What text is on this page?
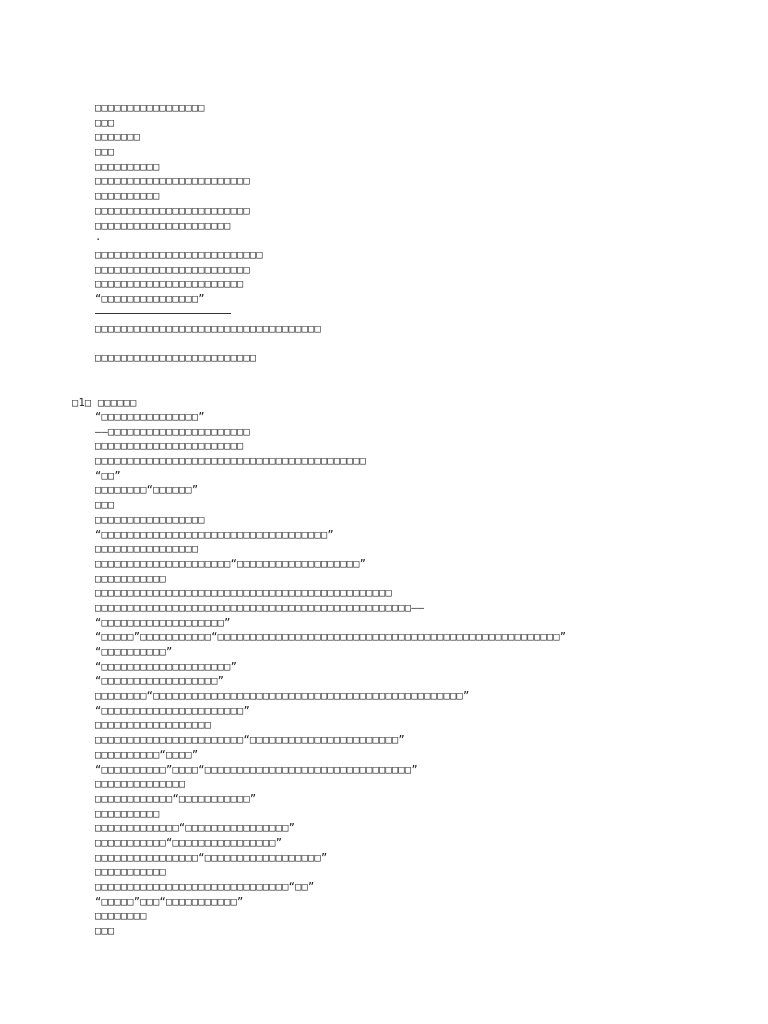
□□□□□□□□□□□□□□□□□
□□□
□□□□□□□
□□□
□□□□□□□□□□
□□□□□□□□□□□□□□□□□□□□□□□□
□□□□□□□□□□
□□□□□□□□□□□□□□□□□□□□□□□□
□□□□□□□□□□□□□□□□□□□□□
·
□□□□□□□□□□□□□□□□□□□□□□□□□□
□□□□□□□□□□□□□□□□□□□□□□□□
□□□□□□□□□□□□□□□□□□□□□□□
“□□□□□□□□□□□□□□□”
□□□□□□□□□□□□□□□□□□□□□□□□□□□□□□□□□□□
□□□□□□□□□□□□□□□□□□□□□□□□□
□1□ □□□□□□
“□□□□□□□□□□□□□□□”
——□□□□□□□□□□□□□□□□□□□□□□
□□□□□□□□□□□□□□□□□□□□□□□
□□□□□□□□□□□□□□□□□□□□□□□□□□□□□□□□□□□□□□□□□□
“□□”
□□□□□□□□“□□□□□□”
□□□
□□□□□□□□□□□□□□□□□
“□□□□□□□□□□□□□□□□□□□□□□□□□□□□□□□□□□□”
□□□□□□□□□□□□□□□□
□□□□□□□□□□□□□□□□□□□□□“□□□□□□□□□□□□□□□□□□□”
□□□□□□□□□□□
□□□□□□□□□□□□□□□□□□□□□□□□□□□□□□□□□□□□□□□□□□□□□□
□□□□□□□□□□□□□□□□□□□□□□□□□□□□□□□□□□□□□□□□□□□□□□□□□——
“□□□□□□□□□□□□□□□□□□□”
“□□□□□”□□□□□□□□□□□“□□□□□□□□□□□□□□□□□□□□□□□□□□□□□□□□□□□□□□□□□□□□□□□□□□□□□”
“□□□□□□□□□□”
“□□□□□□□□□□□□□□□□□□□□”
“□□□□□□□□□□□□□□□□□□”
□□□□□□□□“□□□□□□□□□□□□□□□□□□□□□□□□□□□□□□□□□□□□□□□□□□□□□□□□”
“□□□□□□□□□□□□□□□□□□□□□□”
□□□□□□□□□□□□□□□□□□
□□□□□□□□□□□□□□□□□□□□□□□“□□□□□□□□□□□□□□□□□□□□□□□”
□□□□□□□□□□“□□□□”
“□□□□□□□□□□”□□□□“□□□□□□□□□□□□□□□□□□□□□□□□□□□□□□□□”
□□□□□□□□□□□□□□
□□□□□□□□□□□□“□□□□□□□□□□□”
□□□□□□□□□□
□□□□□□□□□□□□□“□□□□□□□□□□□□□□□□”
□□□□□□□□□□□“□□□□□□□□□□□□□□□□”
□□□□□□□□□□□□□□□□“□□□□□□□□□□□□□□□□□□”
□□□□□□□□□□□
□□□□□□□□□□□□□□□□□□□□□□□□□□□□□□“□□”
“□□□□□”□□□“□□□□□□□□□□□”
□□□□□□□□
□□□
